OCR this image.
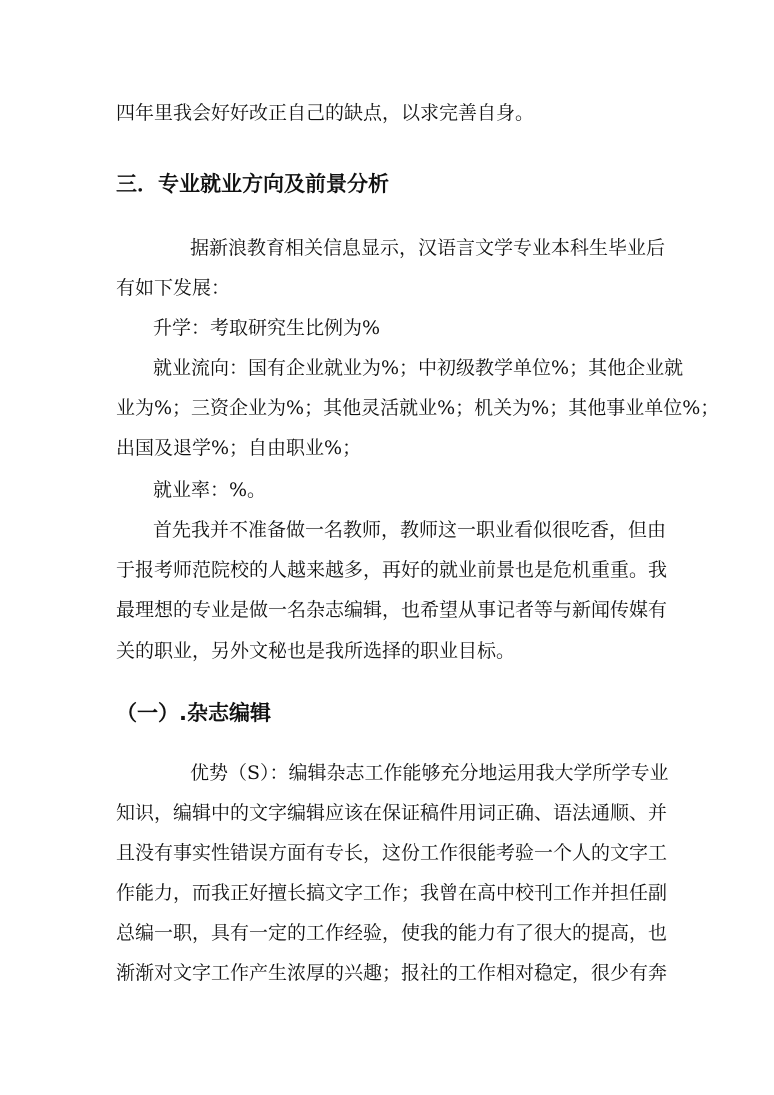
四年里我会好好改正自己的缺点，以求完善自身。
三．专业就业方向及前景分析
据新浪教育相关信息显示，汉语言文学专业本科生毕业后
有如下发展：
升学：考取研究生比例为%
就业流向：国有企业就业为%；中初级教学单位%；其他企业就
业为%；三资企业为%；其他灵活就业%；机关为%；其他事业单位%；
出国及退学%；自由职业%；
就业率：%。
首先我并不准备做一名教师，教师这一职业看似很吃香，但由
于报考师范院校的人越来越多，再好的就业前景也是危机重重。我
最理想的专业是做一名杂志编辑，也希望从事记者等与新闻传媒有
关的职业，另外文秘也是我所选择的职业目标。
（一）.杂志编辑
优势（S）：编辑杂志工作能够充分地运用我大学所学专业
知识，编辑中的文字编辑应该在保证稿件用词正确、语法通顺、并
且没有事实性错误方面有专长，这份工作很能考验一个人的文字工
作能力，而我正好擅长搞文字工作；我曾在高中校刊工作并担任副
总编一职，具有一定的工作经验，使我的能力有了很大的提高，也
渐渐对文字工作产生浓厚的兴趣；报社的工作相对稳定，很少有奔
